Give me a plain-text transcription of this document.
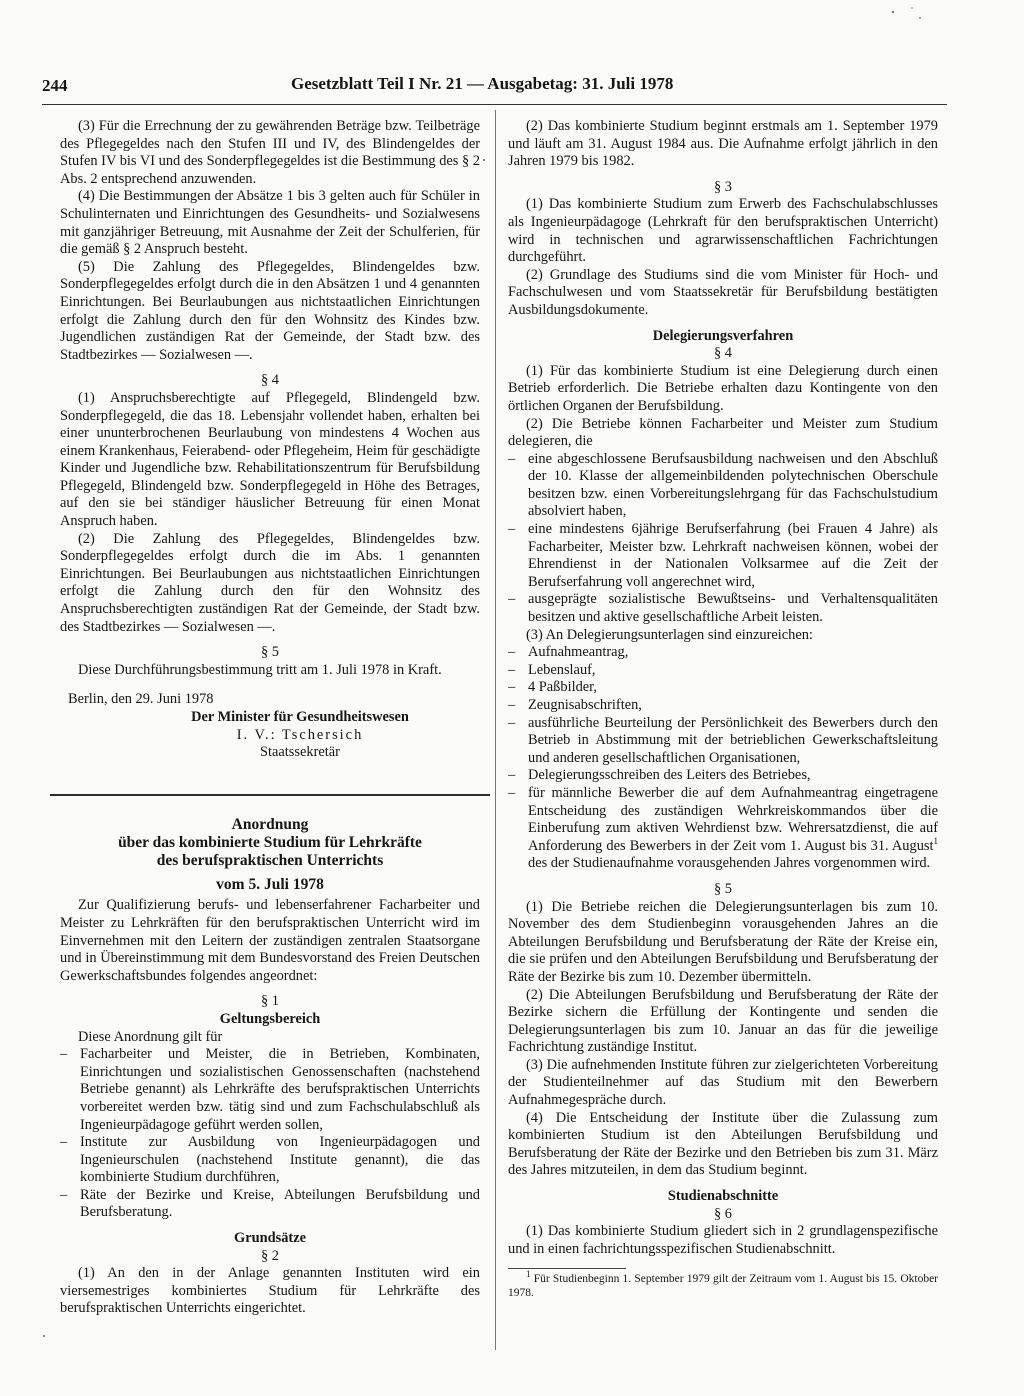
244	Gesetzblatt Teil I Nr. 21 — Ausgabetag: 31. Juli 1978

(3) Für die Errechnung der zu gewährenden Beträge bzw. Teilbeträge des Pflegegeldes nach den Stufen III und IV, des Blindengeldes der Stufen IV bis VI und des Sonderpflegegeldes ist die Bestimmung des § 2 Abs. 2 entsprechend anzuwenden.

(4) Die Bestimmungen der Absätze 1 bis 3 gelten auch für Schüler in Schulinternaten und Einrichtungen des Gesundheits- und Sozialwesens mit ganzjähriger Betreuung, mit Ausnahme der Zeit der Schulferien, für die gemäß § 2 Anspruch besteht.

(5) Die Zahlung des Pflegegeldes, Blindengeldes bzw. Sonderpflegegeldes erfolgt durch die in den Absätzen 1 und 4 genannten Einrichtungen. Bei Beurlaubungen aus nichtstaatlichen Einrichtungen erfolgt die Zahlung durch den für den Wohnsitz des Kindes bzw. Jugendlichen zuständigen Rat der Gemeinde, der Stadt bzw. des Stadtbezirkes — Sozialwesen —.

§ 4

(1) Anspruchsberechtigte auf Pflegegeld, Blindengeld bzw. Sonderpflegegeld, die das 18. Lebensjahr vollendet haben, erhalten bei einer ununterbrochenen Beurlaubung von mindestens 4 Wochen aus einem Krankenhaus, Feierabend- oder Pflegeheim, Heim für geschädigte Kinder und Jugendliche bzw. Rehabilitationszentrum für Berufsbildung Pflegegeld, Blindengeld bzw. Sonderpflegegeld in Höhe des Betrages, auf den sie bei ständiger häuslicher Betreuung für einen Monat Anspruch haben.

(2) Die Zahlung des Pflegegeldes, Blindengeldes bzw. Sonderpflegegeldes erfolgt durch die im Abs. 1 genannten Einrichtungen. Bei Beurlaubungen aus nichtstaatlichen Einrichtungen erfolgt die Zahlung durch den für den Wohnsitz des Anspruchsberechtigten zuständigen Rat der Gemeinde, der Stadt bzw. des Stadtbezirkes — Sozialwesen —.

§ 5

Diese Durchführungsbestimmung tritt am 1. Juli 1978 in Kraft.

Berlin, den 29. Juni 1978

Der Minister für Gesundheitswesen

I. V.: Tschersich

Staatssekretär

Anordnung

über das kombinierte Studium für Lehrkräfte

des berufspraktischen Unterrichts

vom 5. Juli 1978

Zur Qualifizierung berufs- und lebenserfahrener Facharbeiter und Meister zu Lehrkräften für den berufspraktischen Unterricht wird im Einvernehmen mit den Leitern der zuständigen zentralen Staatsorgane und in Übereinstimmung mit dem Bundesvorstand des Freien Deutschen Gewerkschaftsbundes folgendes angeordnet:

§ 1

Geltungsbereich

Diese Anordnung gilt für

– Facharbeiter und Meister, die in Betrieben, Kombinaten, Einrichtungen und sozialistischen Genossenschaften (nachstehend Betriebe genannt) als Lehrkräfte des berufspraktischen Unterrichts vorbereitet werden bzw. tätig sind und zum Fachschulabschluß als Ingenieurpädagoge geführt werden sollen,
– Institute zur Ausbildung von Ingenieurpädagogen und Ingenieurschulen (nachstehend Institute genannt), die das kombinierte Studium durchführen,
– Räte der Bezirke und Kreise, Abteilungen Berufsbildung und Berufsberatung.

Grundsätze

§ 2

(1) An den in der Anlage genannten Instituten wird ein viersemestriges kombiniertes Studium für Lehrkräfte des berufspraktischen Unterrichts eingerichtet.

(2) Das kombinierte Studium beginnt erstmals am 1. September 1979 und läuft am 31. August 1984 aus. Die Aufnahme erfolgt jährlich in den Jahren 1979 bis 1982.

§ 3

(1) Das kombinierte Studium zum Erwerb des Fachschulabschlusses als Ingenieurpädagoge (Lehrkraft für den berufspraktischen Unterricht) wird in technischen und agrarwissenschaftlichen Fachrichtungen durchgeführt.

(2) Grundlage des Studiums sind die vom Minister für Hoch- und Fachschulwesen und vom Staatssekretär für Berufsbildung bestätigten Ausbildungsdokumente.

Delegierungsverfahren

§ 4

(1) Für das kombinierte Studium ist eine Delegierung durch einen Betrieb erforderlich. Die Betriebe erhalten dazu Kontingente von den örtlichen Organen der Berufsbildung.

(2) Die Betriebe können Facharbeiter und Meister zum Studium delegieren, die

– eine abgeschlossene Berufsausbildung nachweisen und den Abschluß der 10. Klasse der allgemeinbildenden polytechnischen Oberschule besitzen bzw. einen Vorbereitungslehrgang für das Fachschulstudium absolviert haben,
– eine mindestens 6jährige Berufserfahrung (bei Frauen 4 Jahre) als Facharbeiter, Meister bzw. Lehrkraft nachweisen können, wobei der Ehrendienst in der Nationalen Volksarmee auf die Zeit der Berufserfahrung voll angerechnet wird,
– ausgeprägte sozialistische Bewußtseins- und Verhaltensqualitäten besitzen und aktive gesellschaftliche Arbeit leisten.

(3) An Delegierungsunterlagen sind einzureichen:

– Aufnahmeantrag,
– Lebenslauf,
– 4 Paßbilder,
– Zeugnisabschriften,
– ausführliche Beurteilung der Persönlichkeit des Bewerbers durch den Betrieb in Abstimmung mit der betrieblichen Gewerkschaftsleitung und anderen gesellschaftlichen Organisationen,
– Delegierungsschreiben des Leiters des Betriebes,
– für männliche Bewerber die auf dem Aufnahmeantrag eingetragene Entscheidung des zuständigen Wehrkreiskommandos über die Einberufung zum aktiven Wehrdienst bzw. Wehrersatzdienst, die auf Anforderung des Bewerbers in der Zeit vom 1. August bis 31. August$^1$ des der Studienaufnahme vorausgehenden Jahres vorgenommen wird.

§ 5

(1) Die Betriebe reichen die Delegierungsunterlagen bis zum 10. November des dem Studienbeginn vorausgehenden Jahres an die Abteilungen Berufsbildung und Berufsberatung der Räte der Kreise ein, die sie prüfen und den Abteilungen Berufsbildung und Berufsberatung der Räte der Bezirke bis zum 10. Dezember übermitteln.

(2) Die Abteilungen Berufsbildung und Berufsberatung der Räte der Bezirke sichern die Erfüllung der Kontingente und senden die Delegierungsunterlagen bis zum 10. Januar an das für die jeweilige Fachrichtung zuständige Institut.

(3) Die aufnehmenden Institute führen zur zielgerichteten Vorbereitung der Studienteilnehmer auf das Studium mit den Bewerbern Aufnahmegespräche durch.

(4) Die Entscheidung der Institute über die Zulassung zum kombinierten Studium ist den Abteilungen Berufsbildung und Berufsberatung der Räte der Bezirke und den Betrieben bis zum 31. März des Jahres mitzuteilen, in dem das Studium beginnt.

Studienabschnitte

§ 6

(1) Das kombinierte Studium gliedert sich in 2 grundlagenspezifische und in einen fachrichtungsspezifischen Studienabschnitt.

$^1$ Für Studienbeginn 1. September 1979 gilt der Zeitraum vom 1. August bis 15. Oktober 1978.
